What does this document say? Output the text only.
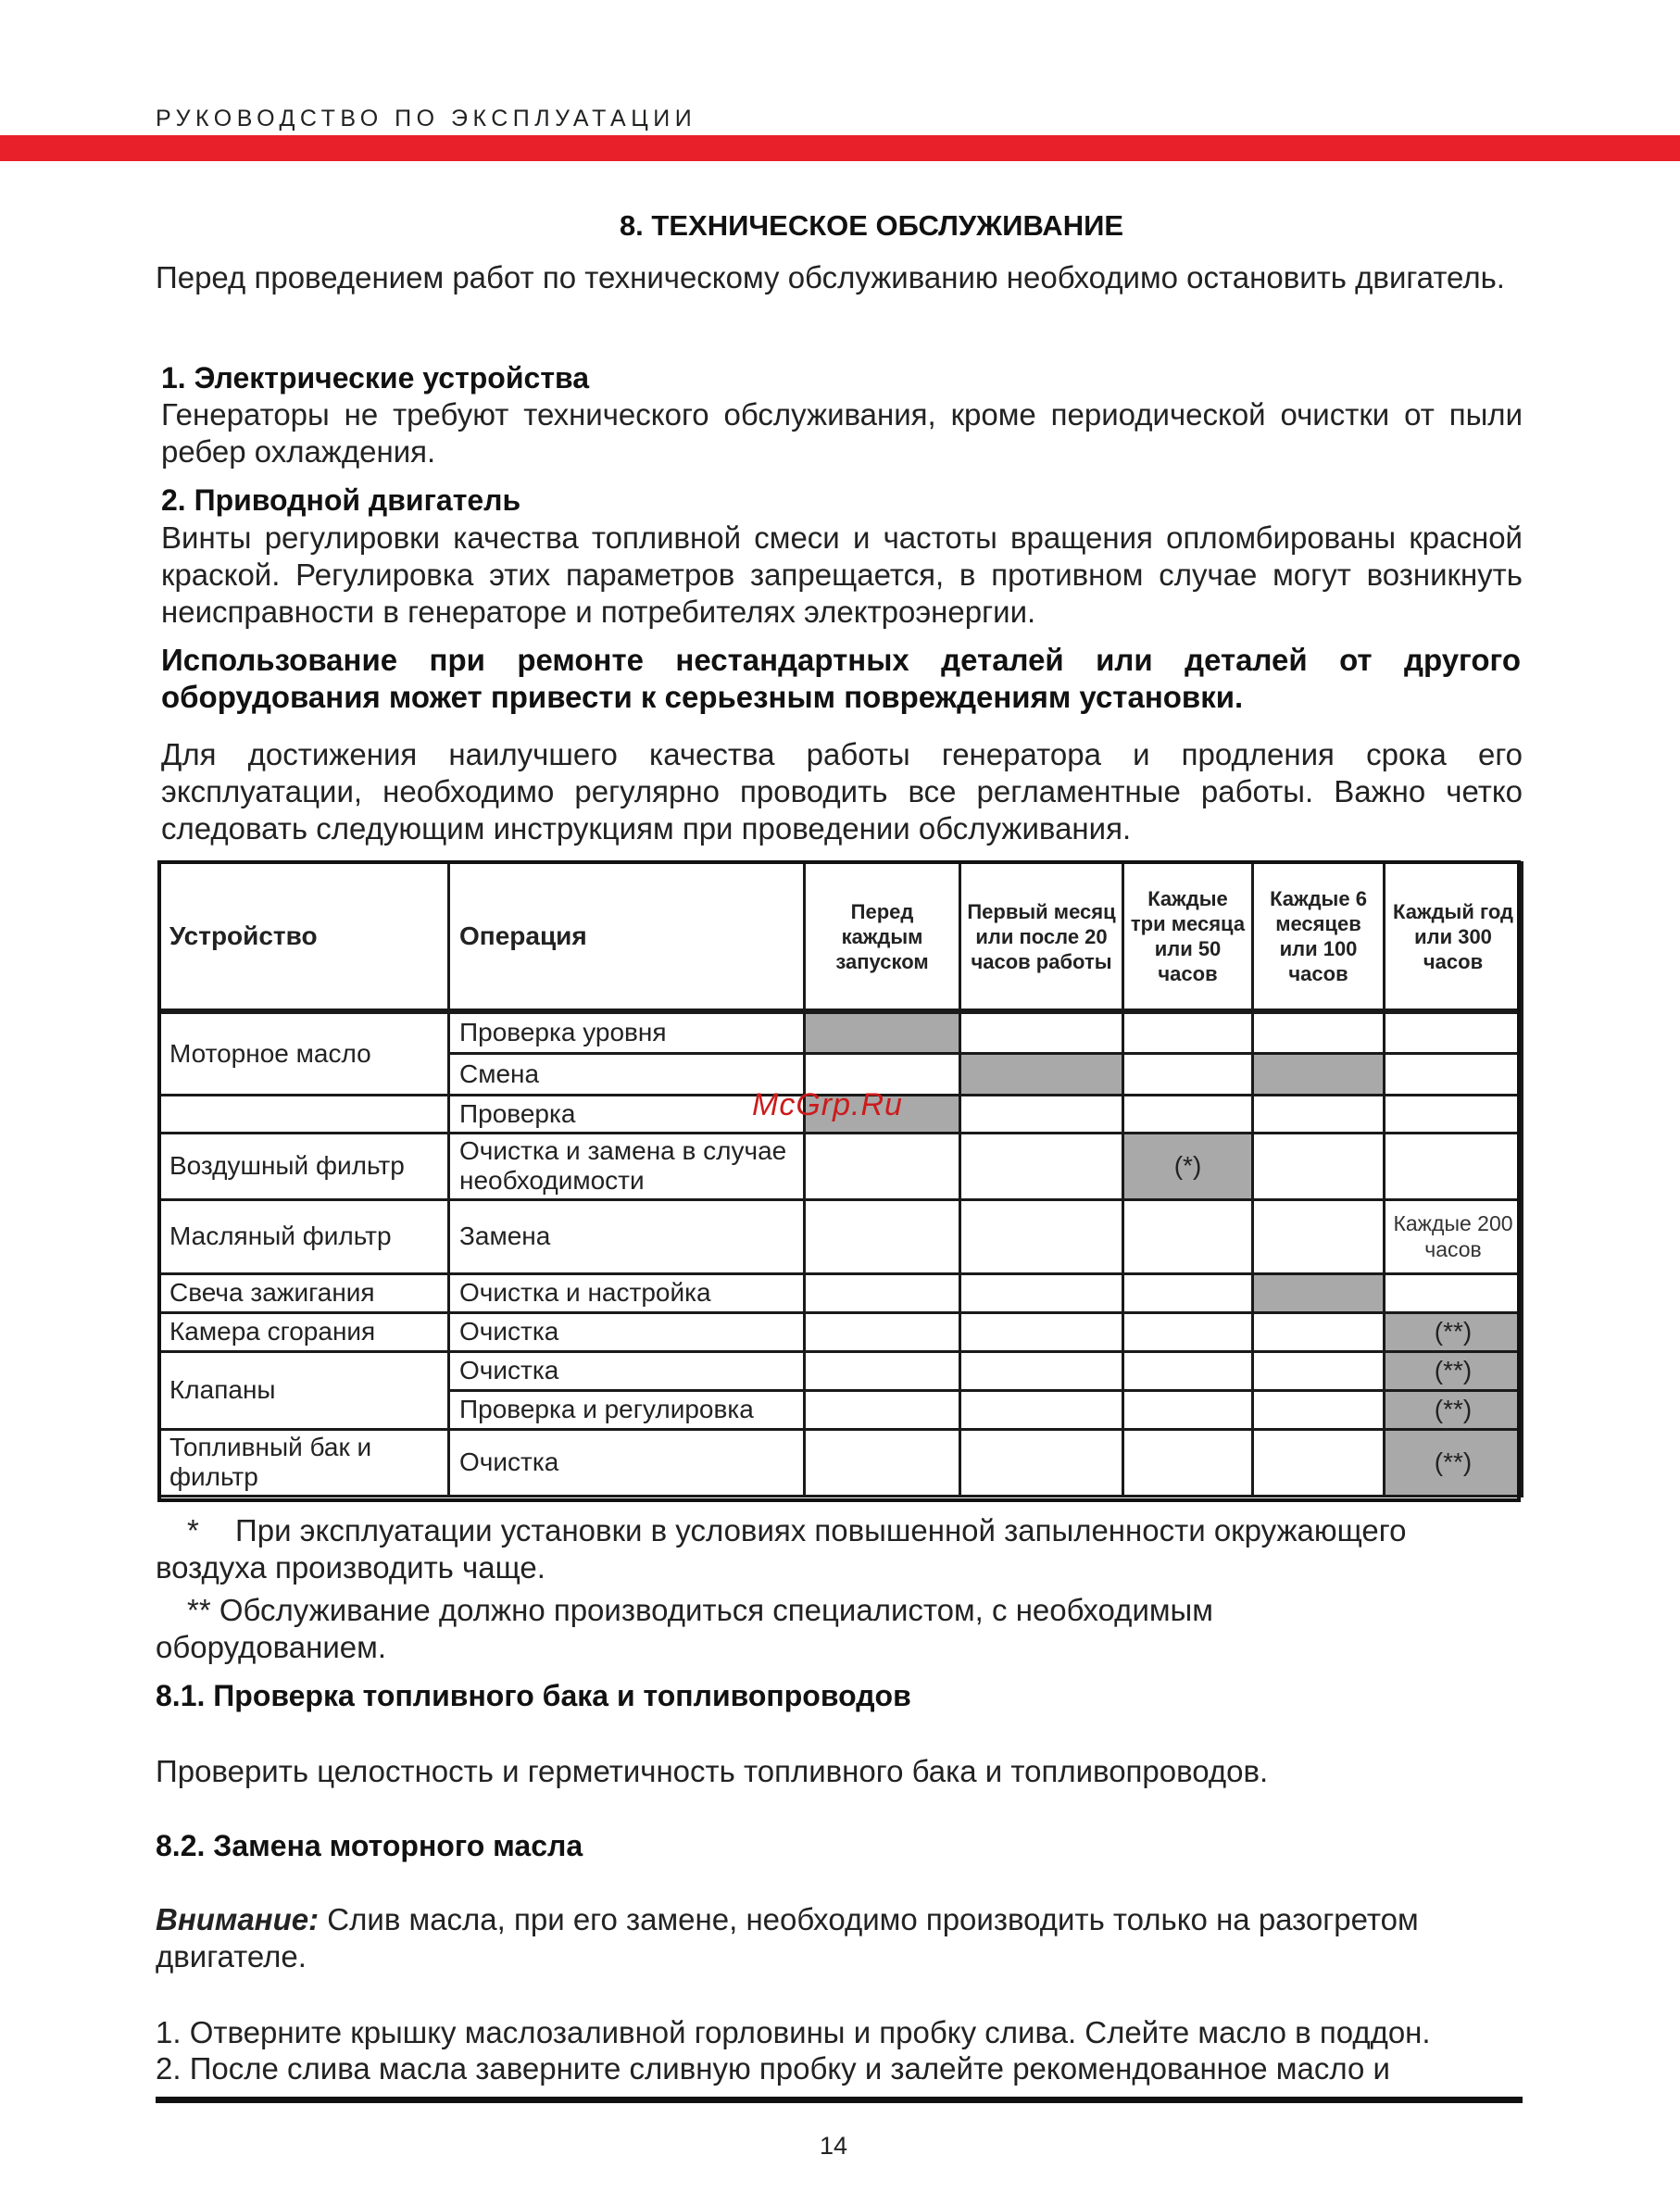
РУКОВОДСТВО ПО ЭКСПЛУАТАЦИИ
8. ТЕХНИЧЕСКОЕ ОБСЛУЖИВАНИЕ
Перед проведением работ по техническому обслуживанию необходимо остановить двигатель.
1. Электрические устройства
Генераторы не требуют технического обслуживания, кроме периодической очистки от пыли ребер охлаждения.
2. Приводной двигатель
Винты регулировки качества топливной смеси и частоты вращения опломбированы красной краской. Регулировка этих параметров запрещается, в противном случае могут возникнуть неисправности в генераторе и потребителях электроэнергии.
Использование при ремонте нестандартных деталей или деталей от другого оборудования может привести к серьезным повреждениям установки.
Для достижения наилучшего качества работы генератора и продления срока его эксплуатации, необходимо регулярно проводить все регламентные работы. Важно четко следовать следующим инструкциям при проведении обслуживания.
Устройство	Операция	Перед каждым запуском	Первый месяц или после 20 часов работы	Каждые три месяца или 50 часов	Каждые 6 месяцев или 100 часов	Каждый год или 300 часов
Моторное масло	Проверка уровня					
	Смена					
	Проверка					
Воздушный фильтр	Очистка и замена в случае необходимости			(*)		
Масляный фильтр	Замена					Каждые 200 часов
Свеча зажигания	Очистка и настройка					
Камера сгорания	Очистка					(**)
Клапаны	Очистка					(**)
	Проверка и регулировка					(**)
Топливный бак и фильтр	Очистка					(**)
McGrp.Ru
* При эксплуатации установки в условиях повышенной запыленности окружающего воздуха производить чаще.
** Обслуживание должно производиться специалистом, с необходимым оборудованием.
8.1. Проверка топливного бака и топливопроводов
Проверить целостность и герметичность топливного бака и топливопроводов.
8.2. Замена моторного масла
Внимание: Слив масла, при его замене, необходимо производить только на разогретом двигателе.
1. Отверните крышку маслозаливной горловины и пробку слива. Слейте масло в поддон.
2. После слива масла заверните сливную пробку и залейте рекомендованное масло и
14
